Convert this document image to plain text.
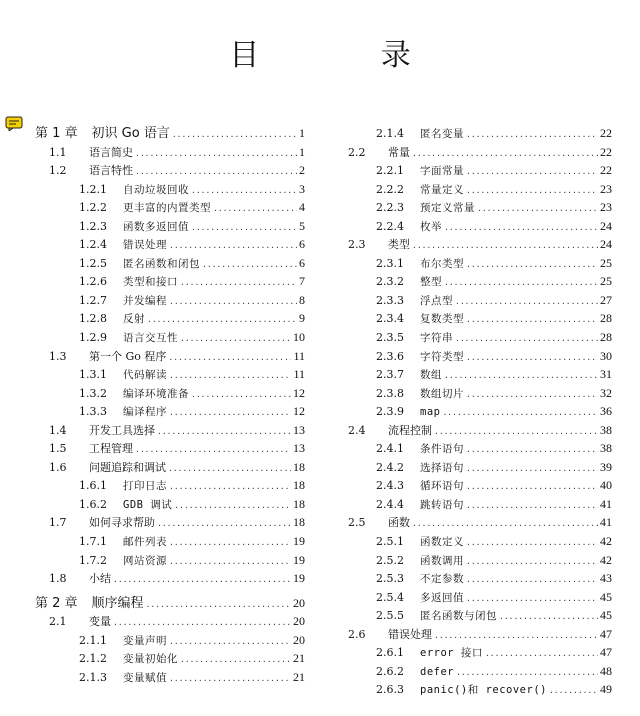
目 录
第 1 章	初识 Go 语言 .....	1
1.1	语言简史 .....	1
1.2	语言特性 .....	2
1.2.1	自动垃圾回收 .....	3
1.2.2	更丰富的内置类型 .....	4
1.2.3	函数多返回值 .....	5
1.2.4	错误处理 .....	6
1.2.5	匿名函数和闭包 .....	6
1.2.6	类型和接口 .....	7
1.2.7	并发编程 .....	8
1.2.8	反射 .....	9
1.2.9	语言交互性 .....	10
1.3	第一个 Go 程序 .....	11
1.3.1	代码解读 .....	11
1.3.2	编译环境准备 .....	12
1.3.3	编译程序 .....	12
1.4	开发工具选择 .....	13
1.5	工程管理 .....	13
1.6	问题追踪和调试 .....	18
1.6.1	打印日志 .....	18
1.6.2	GDB 调试 .....	18
1.7	如何寻求帮助 .....	18
1.7.1	邮件列表 .....	19
1.7.2	网站资源 .....	19
1.8	小结 .....	19
第 2 章	顺序编程 .....	20
2.1	变量 .....	20
2.1.1	变量声明 .....	20
2.1.2	变量初始化 .....	21
2.1.3	变量赋值 .....	21
2.1.4	匿名变量 .....	22
2.2	常量 .....	22
2.2.1	字面常量 .....	22
2.2.2	常量定义 .....	23
2.2.3	预定义常量 .....	23
2.2.4	枚举 .....	24
2.3	类型 .....	24
2.3.1	布尔类型 .....	25
2.3.2	整型 .....	25
2.3.3	浮点型 .....	27
2.3.4	复数类型 .....	28
2.3.5	字符串 .....	28
2.3.6	字符类型 .....	30
2.3.7	数组 .....	31
2.3.8	数组切片 .....	32
2.3.9	map .....	36
2.4	流程控制 .....	38
2.4.1	条件语句 .....	38
2.4.2	选择语句 .....	39
2.4.3	循环语句 .....	40
2.4.4	跳转语句 .....	41
2.5	函数 .....	41
2.5.1	函数定义 .....	42
2.5.2	函数调用 .....	42
2.5.3	不定参数 .....	43
2.5.4	多返回值 .....	45
2.5.5	匿名函数与闭包 .....	45
2.6	错误处理 .....	47
2.6.1	error 接口 .....	47
2.6.2	defer .....	48
2.6.3	panic()和 recover() .....	49
